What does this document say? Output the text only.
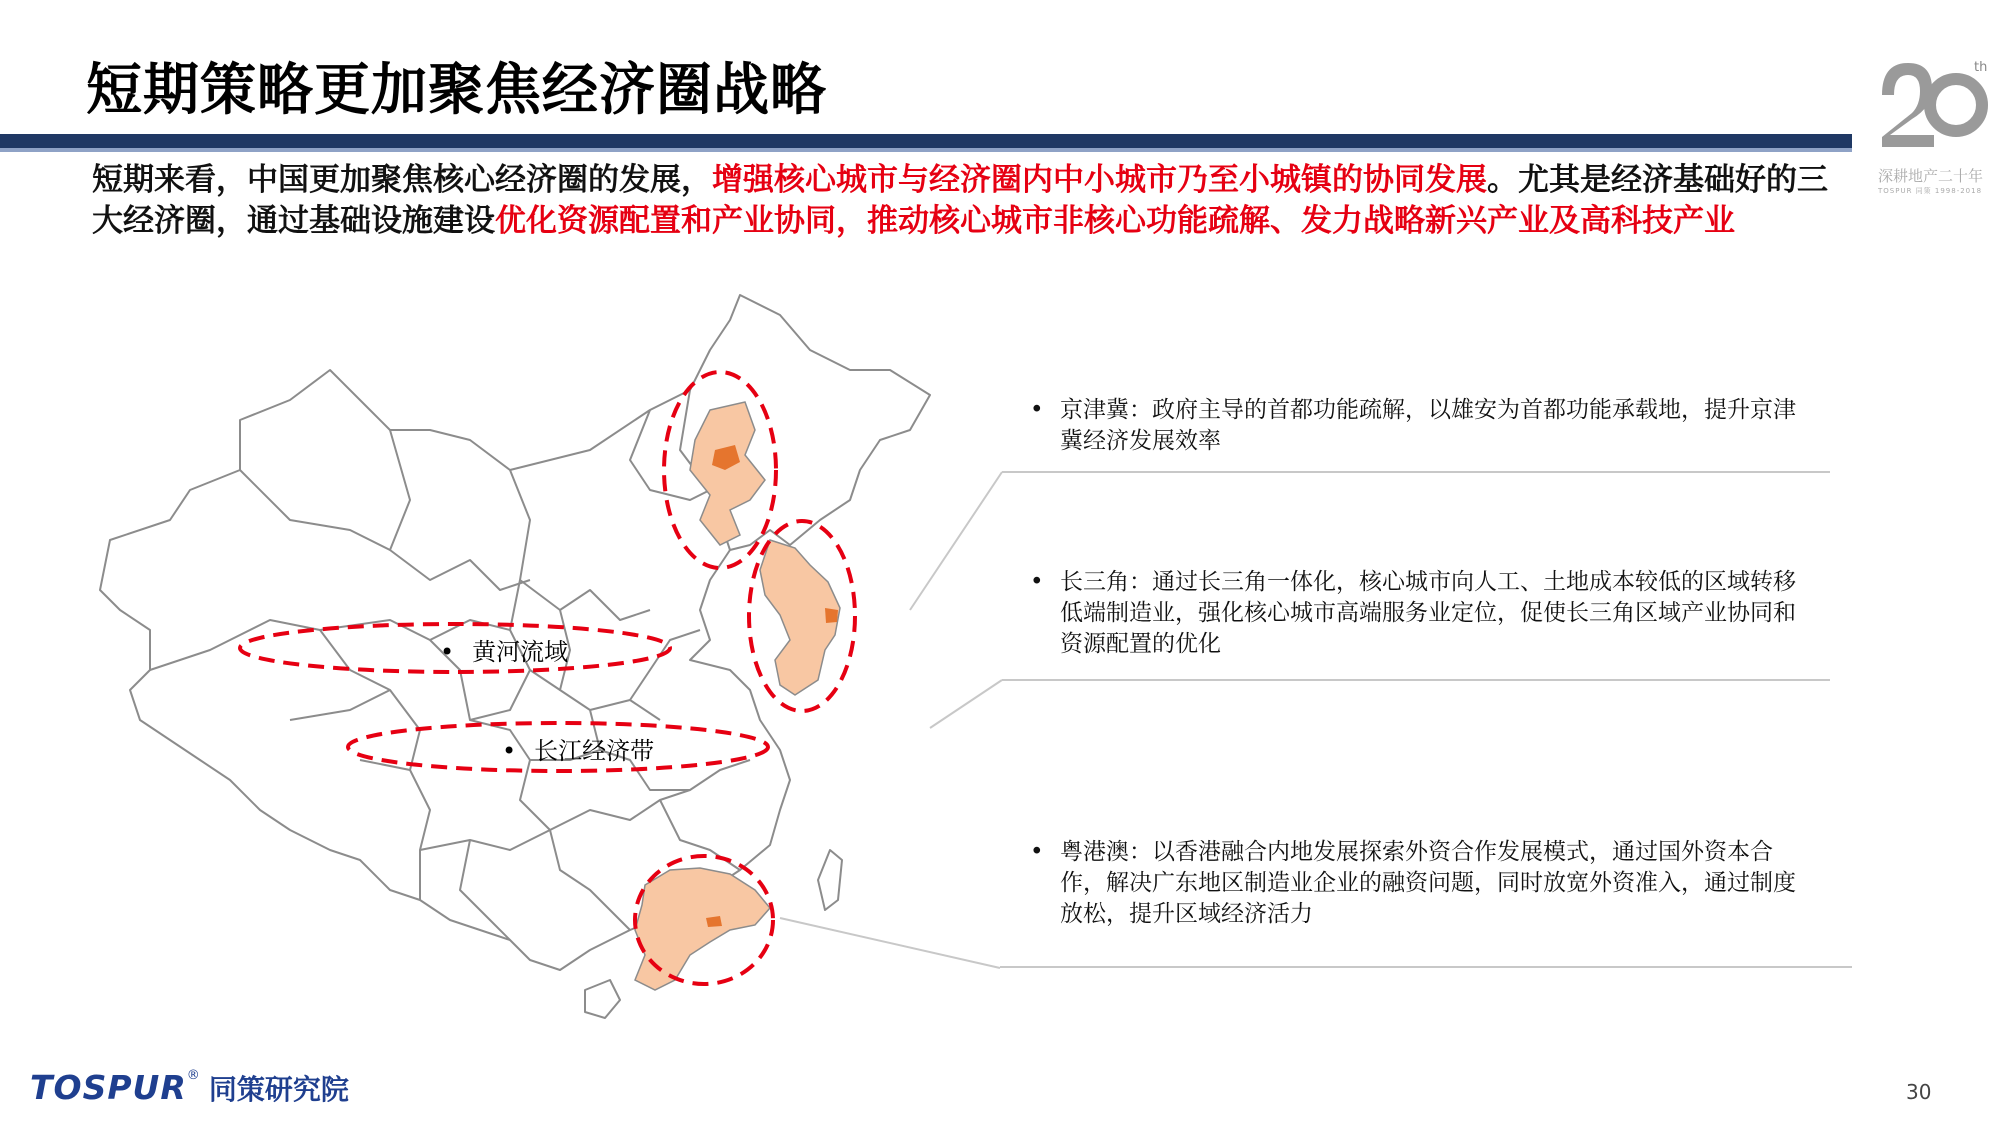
短期策略更加聚焦经济圈战略	th
深耕地产二十年
TOSPUR 同策 1998-2018

短期来看，中国更加聚焦核心经济圈的发展，增强核心城市与经济圈内中小城市乃至小城镇的协同发展。尤其是经济基础好的三大经济圈，通过基础设施建设优化资源配置和产业协同，推动核心城市非核心功能疏解、发力战略新兴产业及高科技产业

• 黄河流域
• 长江经济带
• 京津冀：政府主导的首都功能疏解，以雄安为首都功能承载地，提升京津冀经济发展效率
• 长三角：通过长三角一体化，核心城市向人工、土地成本较低的区域转移低端制造业，强化核心城市高端服务业定位，促使长三角区域产业协同和资源配置的优化
• 粤港澳：以香港融合内地发展探索外资合作发展模式，通过国外资本合作，解决广东地区制造业企业的融资问题，同时放宽外资准入，通过制度放松，提升区域经济活力
TOSPUR® 同策研究院	30
